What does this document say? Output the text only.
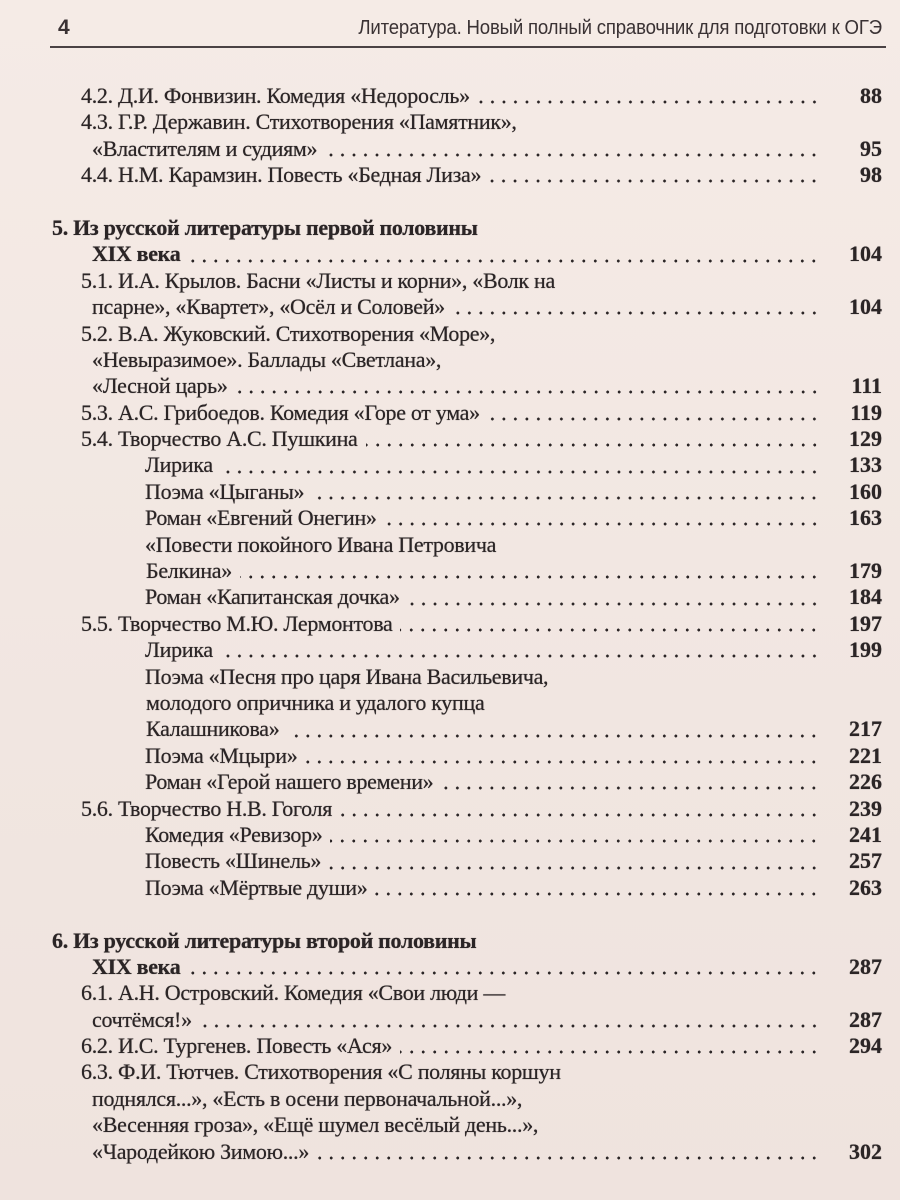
4	Литература. Новый полный справочник для подготовки к ОГЭ
4.2. Д.И. Фонвизин. Комедия «Недоросль»	88
4.3. Г.Р. Державин. Стихотворения «Памятник»,
«Властителям и судиям»	95
4.4. Н.М. Карамзин. Повесть «Бедная Лиза»	98
5. Из русской литературы первой половины
XIX века	104
5.1. И.А. Крылов. Басни «Листы и корни», «Волк на
псарне», «Квартет», «Осёл и Соловей»	104
5.2. В.А. Жуковский. Стихотворения «Море»,
«Невыразимое». Баллады «Светлана»,
«Лесной царь»	111
5.3. А.С. Грибоедов. Комедия «Горе от ума»	119
5.4. Творчество А.С. Пушкина	129
Лирика	133
Поэма «Цыганы»	160
Роман «Евгений Онегин»	163
«Повести покойного Ивана Петровича
Белкина»	179
Роман «Капитанская дочка»	184
5.5. Творчество М.Ю. Лермонтова	197
Лирика	199
Поэма «Песня про царя Ивана Васильевича,
молодого опричника и удалого купца
Калашникова»	217
Поэма «Мцыри»	221
Роман «Герой нашего времени»	226
5.6. Творчество Н.В. Гоголя	239
Комедия «Ревизор»	241
Повесть «Шинель»	257
Поэма «Мёртвые души»	263
6. Из русской литературы второй половины
XIX века	287
6.1. А.Н. Островский. Комедия «Свои люди —
сочтёмся!»	287
6.2. И.С. Тургенев. Повесть «Ася»	294
6.3. Ф.И. Тютчев. Стихотворения «С поляны коршун
поднялся...», «Есть в осени первоначальной...»,
«Весенняя гроза», «Ещё шумел весёлый день...»,
«Чародейкою Зимою...»	302
